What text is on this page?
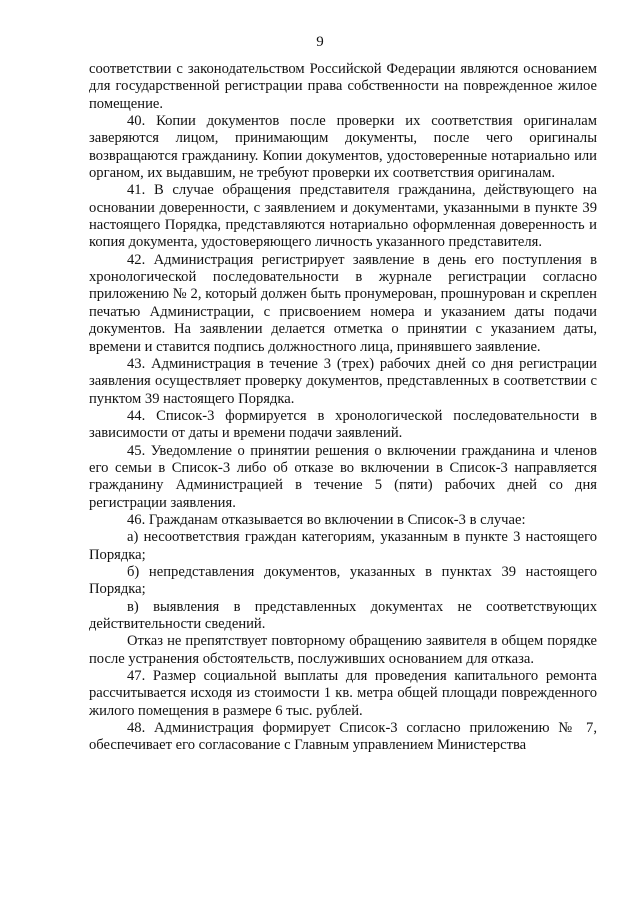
9

соответствии с законодательством Российской Федерации являются основанием для государственной регистрации права собственности на поврежденное жилое помещение.

40. Копии документов после проверки их соответствия оригиналам заверяются лицом, принимающим документы, после чего оригиналы возвращаются гражданину. Копии документов, удостоверенные нотариально или органом, их выдавшим, не требуют проверки их соответствия оригиналам.

41. В случае обращения представителя гражданина, действующего на основании доверенности, с заявлением и документами, указанными в пункте 39 настоящего Порядка, представляются нотариально оформленная доверенность и копия документа, удостоверяющего личность указанного представителя.

42. Администрация регистрирует заявление в день его поступления в хронологической последовательности в журнале регистрации согласно приложению № 2, который должен быть пронумерован, прошнурован и скреплен печатью Администрации, с присвоением номера и указанием даты подачи документов. На заявлении делается отметка о принятии с указанием даты, времени и ставится подпись должностного лица, принявшего заявление.

43. Администрация в течение 3 (трех) рабочих дней со дня регистрации заявления осуществляет проверку документов, представленных в соответствии с пунктом 39 настоящего Порядка.

44. Список-3 формируется в хронологической последовательности в зависимости от даты и времени подачи заявлений.

45. Уведомление о принятии решения о включении гражданина и членов его семьи в Список-3 либо об отказе во включении в Список-3 направляется гражданину Администрацией в течение 5 (пяти) рабочих дней со дня регистрации заявления.

46. Гражданам отказывается во включении в Список-3 в случае:

а) несоответствия граждан категориям, указанным в пункте 3 настоящего Порядка;

б) непредставления документов, указанных в пунктах 39 настоящего Порядка;

в) выявления в представленных документах не соответствующих действительности сведений.

Отказ не препятствует повторному обращению заявителя в общем порядке после устранения обстоятельств, послуживших основанием для отказа.

47. Размер социальной выплаты для проведения капитального ремонта рассчитывается исходя из стоимости 1 кв. метра общей площади поврежденного жилого помещения в размере 6 тыс. рублей.

48. Администрация формирует Список-3 согласно приложению № 7, обеспечивает его согласование с Главным управлением Министерства
